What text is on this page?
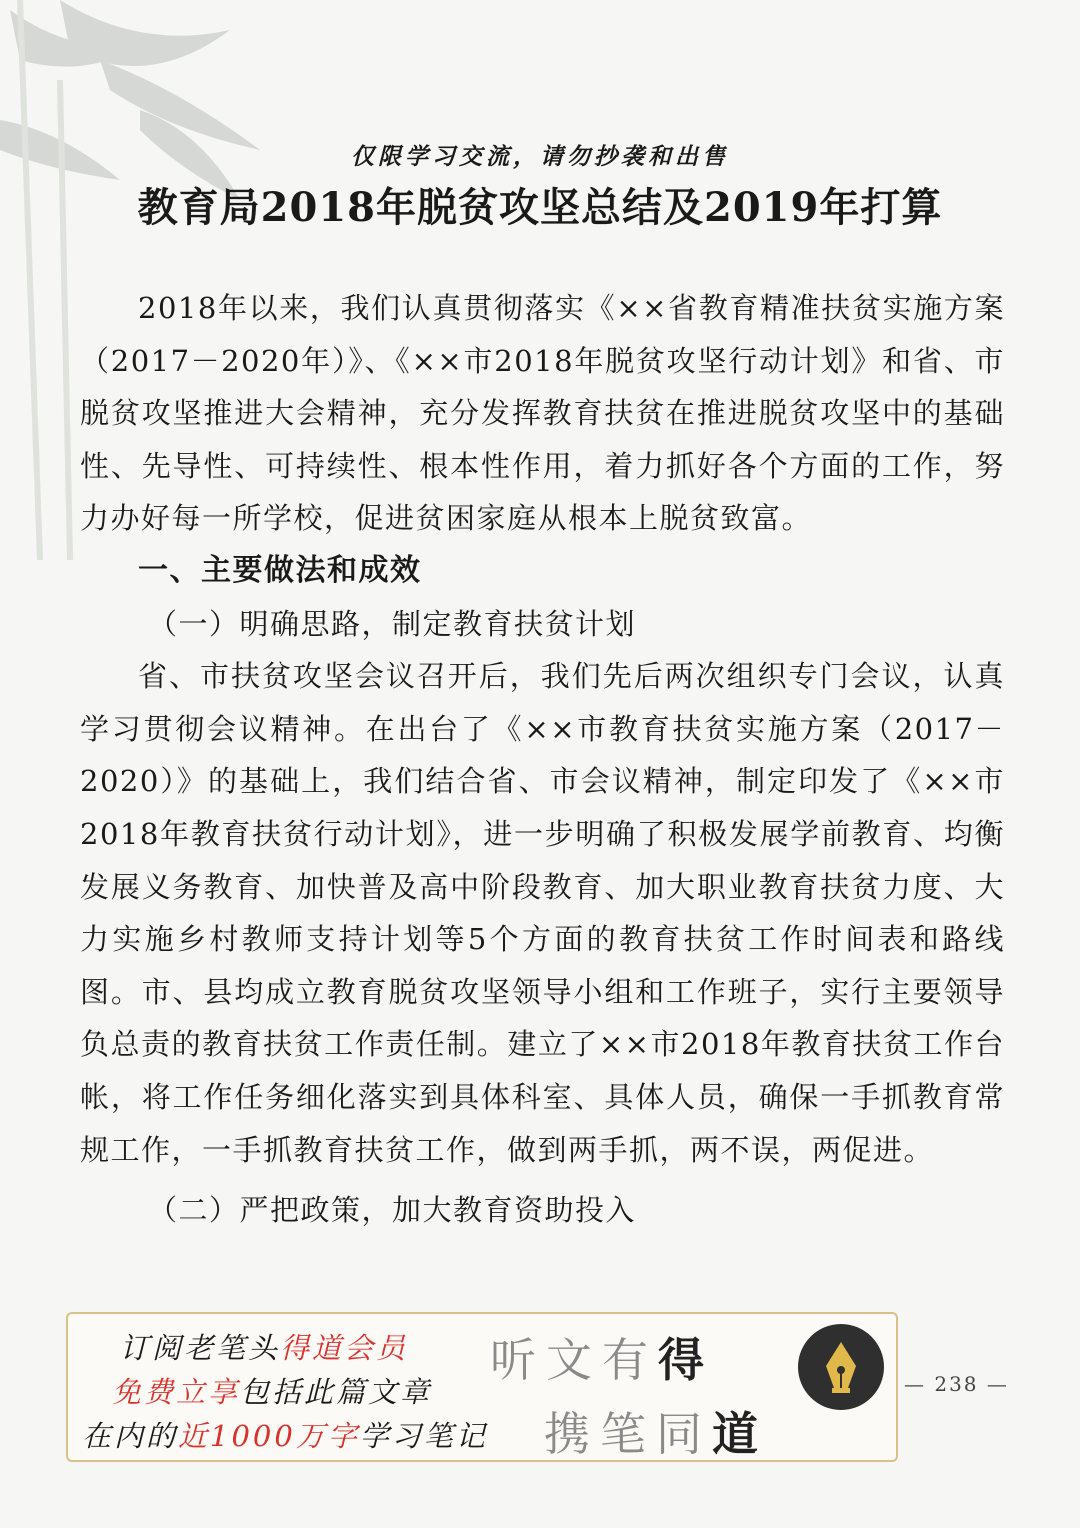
仅限学习交流，请勿抄袭和出售
教育局2018年脱贫攻坚总结及2019年打算

2018年以来，我们认真贯彻落实《××省教育精准扶贫实施方案（2017－2020年）》、《××市2018年脱贫攻坚行动计划》和省、市脱贫攻坚推进大会精神，充分发挥教育扶贫在推进脱贫攻坚中的基础性、先导性、可持续性、根本性作用，着力抓好各个方面的工作，努力办好每一所学校，促进贫困家庭从根本上脱贫致富。

一、主要做法和成效

（一）明确思路，制定教育扶贫计划

省、市扶贫攻坚会议召开后，我们先后两次组织专门会议，认真学习贯彻会议精神。在出台了《××市教育扶贫实施方案（2017－2020）》的基础上，我们结合省、市会议精神，制定印发了《××市2018年教育扶贫行动计划》，进一步明确了积极发展学前教育、均衡发展义务教育、加快普及高中阶段教育、加大职业教育扶贫力度、大力实施乡村教师支持计划等5个方面的教育扶贫工作时间表和路线图。市、县均成立教育脱贫攻坚领导小组和工作班子，实行主要领导负总责的教育扶贫工作责任制。建立了××市2018年教育扶贫工作台帐，将工作任务细化落实到具体科室、具体人员，确保一手抓教育常规工作，一手抓教育扶贫工作，做到两手抓，两不误，两促进。

（二）严把政策，加大教育资助投入

订阅老笔头得道会员
免费立享包括此篇文章
在内的近1000万字学习笔记
听文有得
携笔同道
— 238 —
